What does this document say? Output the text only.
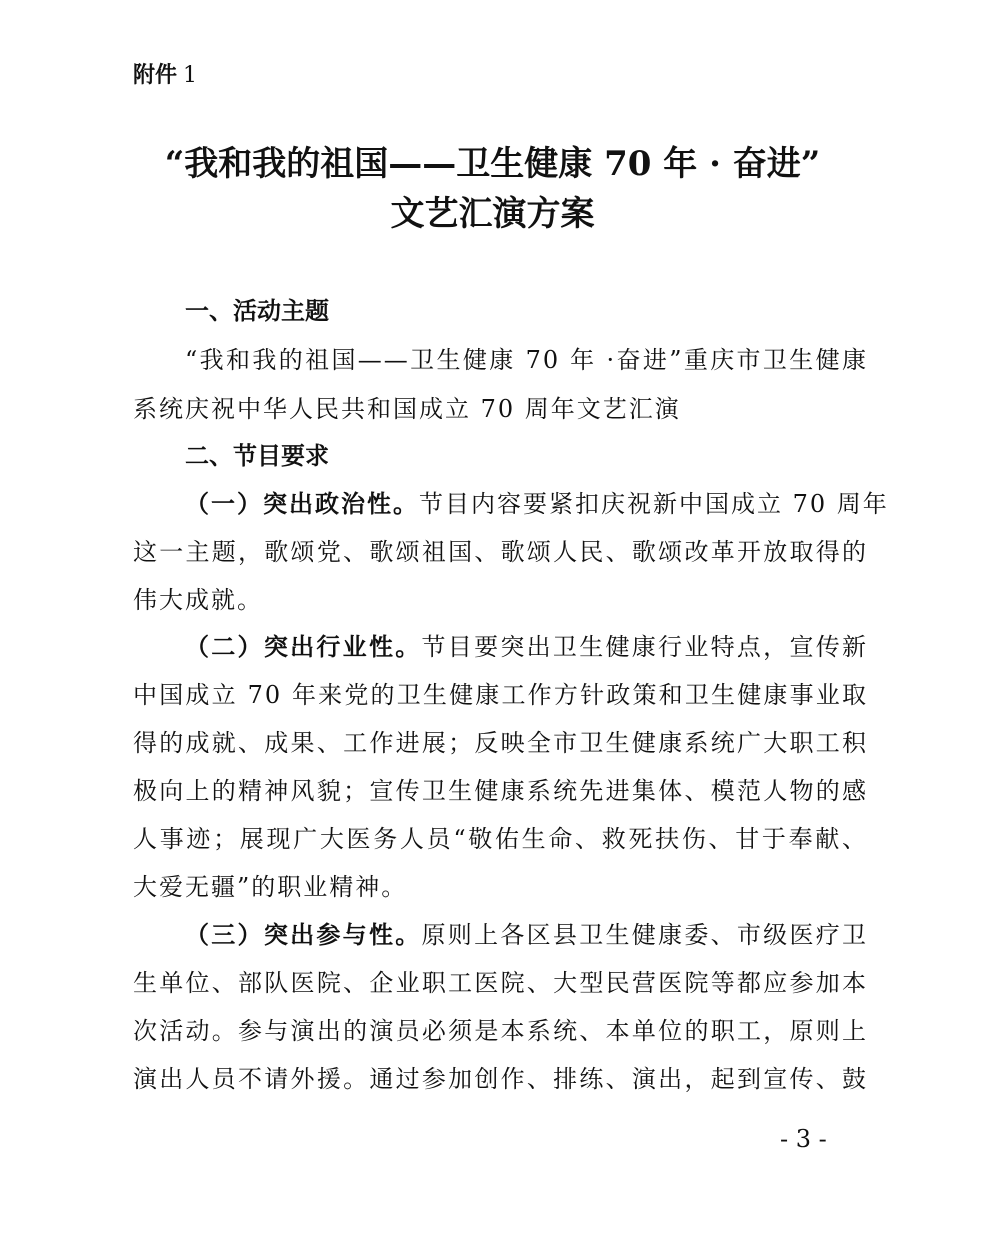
附件 1
“我和我的祖国——卫生健康 70 年 · 奋进”
文艺汇演方案
一、活动主题
“我和我的祖国——卫生健康 70 年 ·奋进”重庆市卫生健康
系统庆祝中华人民共和国成立 70 周年文艺汇演
二、节目要求
（一）突出政治性。节目内容要紧扣庆祝新中国成立 70 周年
这一主题，歌颂党、歌颂祖国、歌颂人民、歌颂改革开放取得的
伟大成就。
（二）突出行业性。节目要突出卫生健康行业特点，宣传新
中国成立 70 年来党的卫生健康工作方针政策和卫生健康事业取
得的成就、成果、工作进展；反映全市卫生健康系统广大职工积
极向上的精神风貌；宣传卫生健康系统先进集体、模范人物的感
人事迹；展现广大医务人员“敬佑生命、救死扶伤、甘于奉献、
大爱无疆”的职业精神。
（三）突出参与性。原则上各区县卫生健康委、市级医疗卫
生单位、部队医院、企业职工医院、大型民营医院等都应参加本
次活动。参与演出的演员必须是本系统、本单位的职工，原则上
演出人员不请外援。通过参加创作、排练、演出，起到宣传、鼓
- 3 -
